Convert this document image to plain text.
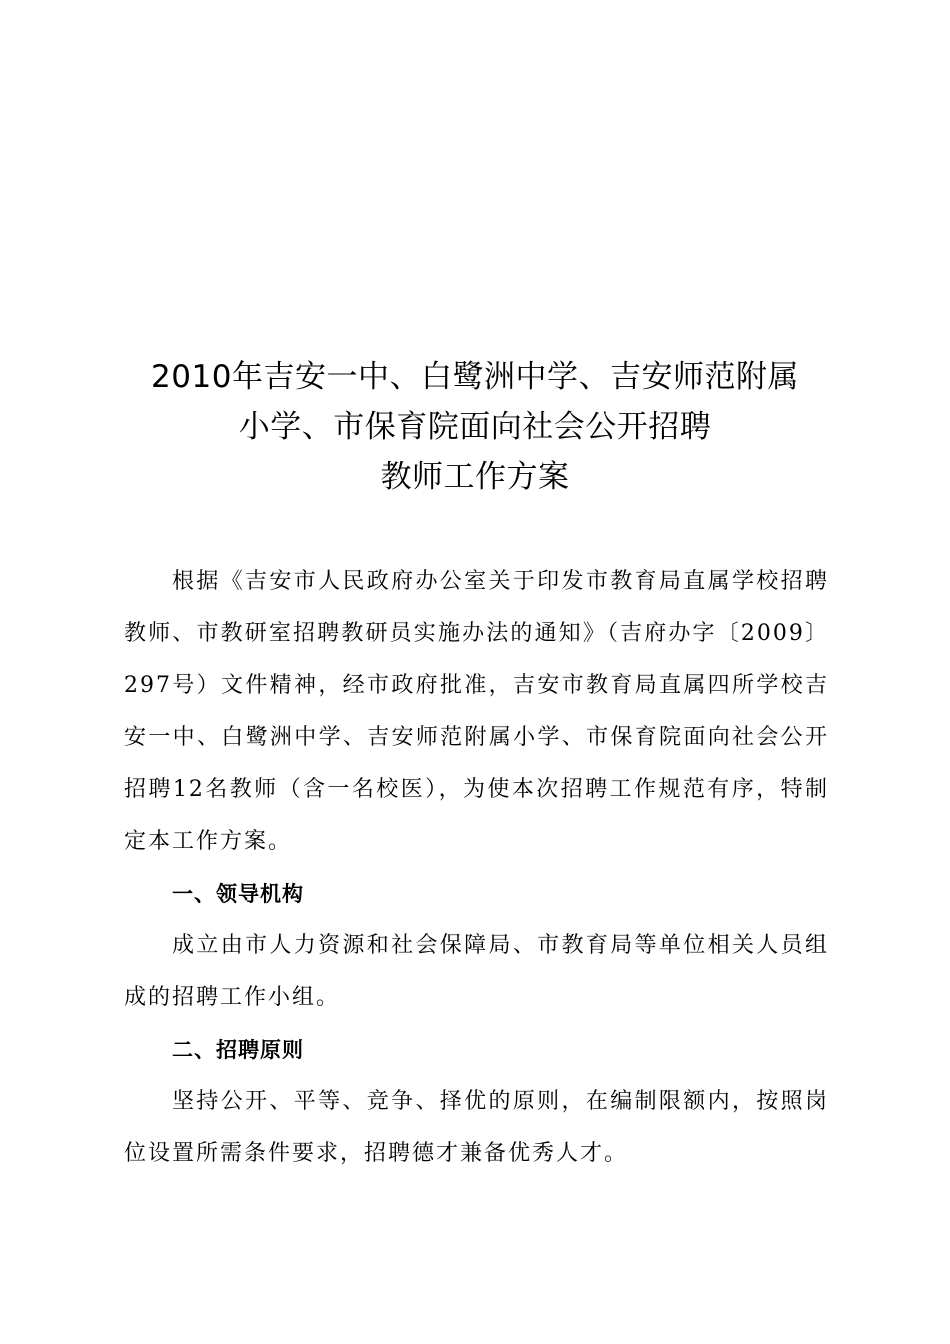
2010年吉安一中、白鹭洲中学、吉安师范附属
小学、市保育院面向社会公开招聘
教师工作方案

根据《吉安市人民政府办公室关于印发市教育局直属学校招聘教师、市教研室招聘教研员实施办法的通知》（吉府办字〔2009〕297号）文件精神，经市政府批准，吉安市教育局直属四所学校吉安一中、白鹭洲中学、吉安师范附属小学、市保育院面向社会公开招聘12名教师（含一名校医），为使本次招聘工作规范有序，特制定本工作方案。

一、领导机构

成立由市人力资源和社会保障局、市教育局等单位相关人员组成的招聘工作小组。

二、招聘原则

坚持公开、平等、竞争、择优的原则，在编制限额内，按照岗位设置所需条件要求，招聘德才兼备优秀人才。
